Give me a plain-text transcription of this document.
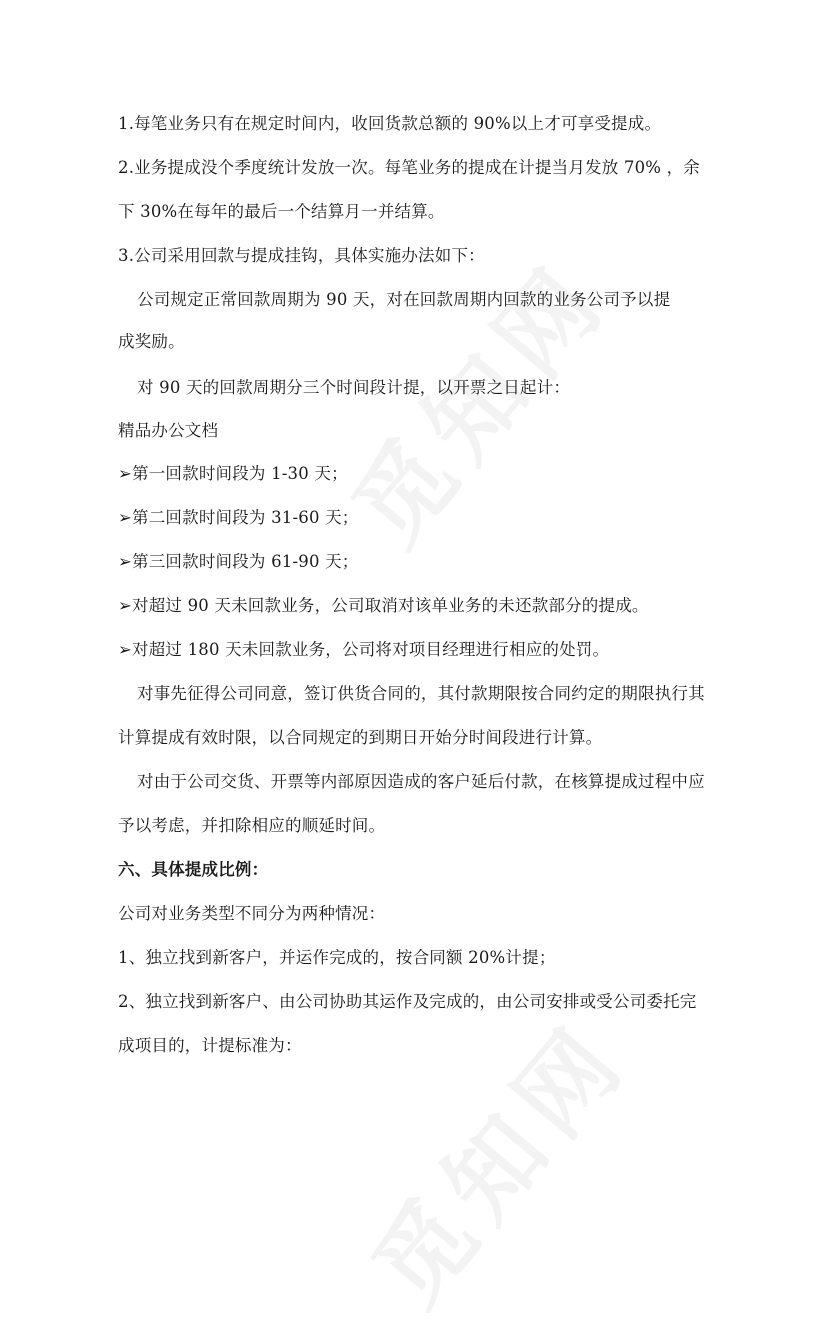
1.每笔业务只有在规定时间内，收回货款总额的 90%以上才可享受提成。
2.业务提成没个季度统计发放一次。每笔业务的提成在计提当月发放 70% ，余
下 30%在每年的最后一个结算月一并结算。
3.公司采用回款与提成挂钩，具体实施办法如下：
公司规定正常回款周期为 90 天，对在回款周期内回款的业务公司予以提
成奖励。
对 90 天的回款周期分三个时间段计提，以开票之日起计：
精品办公文档
➢第一回款时间段为 1-30 天；
➢第二回款时间段为 31-60 天；
➢第三回款时间段为 61-90 天；
➢对超过 90 天未回款业务，公司取消对该单业务的未还款部分的提成。
➢对超过 180 天未回款业务，公司将对项目经理进行相应的处罚。
对事先征得公司同意，签订供货合同的，其付款期限按合同约定的期限执行其
计算提成有效时限，以合同规定的到期日开始分时间段进行计算。
对由于公司交货、开票等内部原因造成的客户延后付款，在核算提成过程中应
予以考虑，并扣除相应的顺延时间。
六、具体提成比例：
公司对业务类型不同分为两种情况：
1、独立找到新客户，并运作完成的，按合同额 20%计提；
2、独立找到新客户、由公司协助其运作及完成的，由公司安排或受公司委托完
成项目的，计提标准为：
